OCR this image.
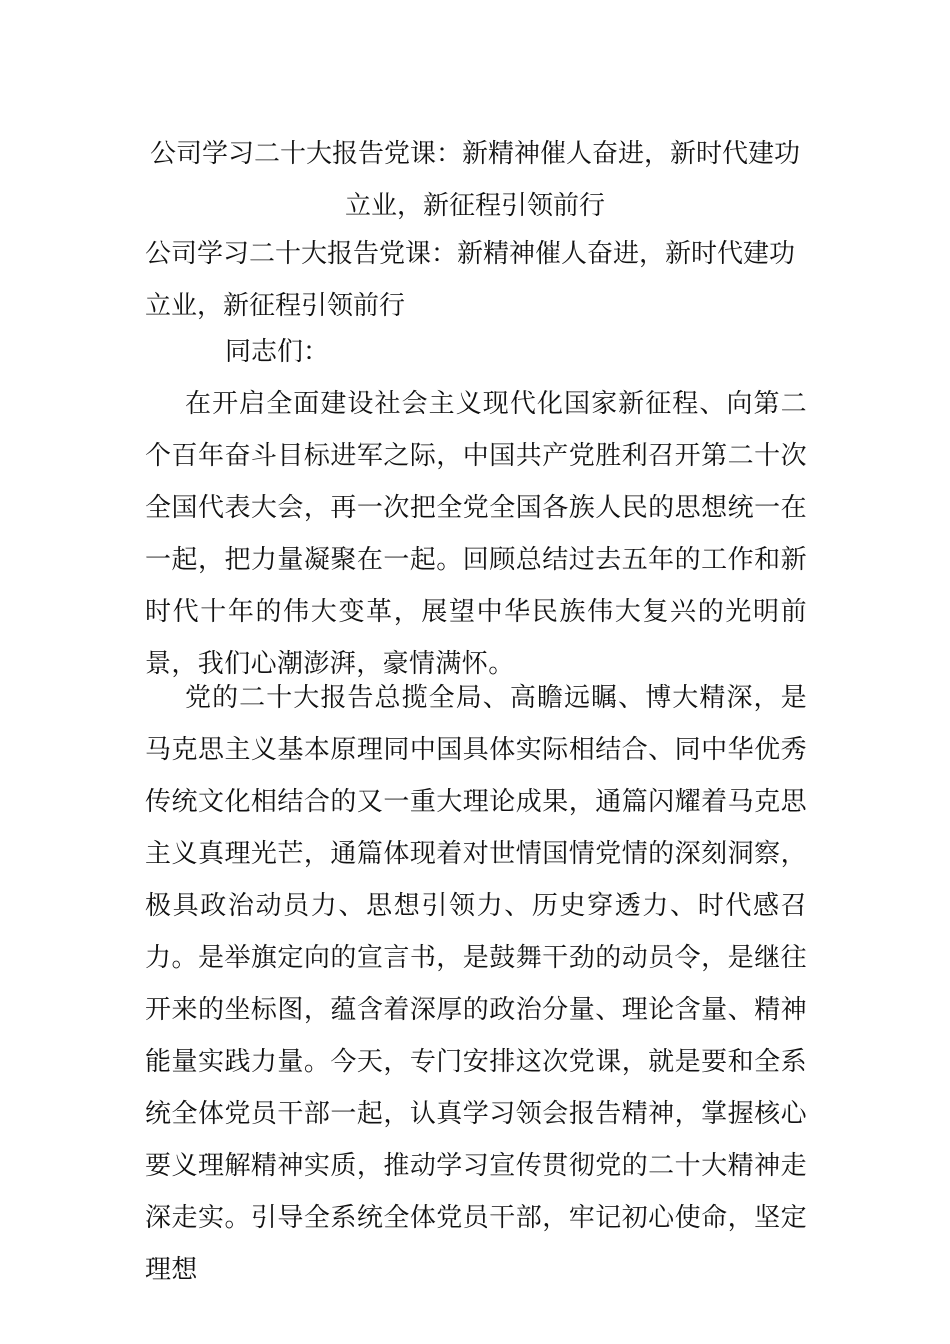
公司学习二十大报告党课：新精神催人奋进，新时代建功立业，新征程引领前行

公司学习二十大报告党课：新精神催人奋进，新时代建功立业，新征程引领前行

同志们：

在开启全面建设社会主义现代化国家新征程、向第二个百年奋斗目标进军之际，中国共产党胜利召开第二十次全国代表大会，再一次把全党全国各族人民的思想统一在一起，把力量凝聚在一起。回顾总结过去五年的工作和新时代十年的伟大变革，展望中华民族伟大复兴的光明前景，我们心潮澎湃，豪情满怀。

党的二十大报告总揽全局、高瞻远瞩、博大精深，是马克思主义基本原理同中国具体实际相结合、同中华优秀传统文化相结合的又一重大理论成果，通篇闪耀着马克思主义真理光芒，通篇体现着对世情国情党情的深刻洞察，极具政治动员力、思想引领力、历史穿透力、时代感召力。是举旗定向的宣言书，是鼓舞干劲的动员令，是继往开来的坐标图，蕴含着深厚的政治分量、理论含量、精神能量实践力量。今天，专门安排这次党课，就是要和全系统全体党员干部一起，认真学习领会报告精神，掌握核心要义理解精神实质，推动学习宣传贯彻党的二十大精神走深走实。引导全系统全体党员干部，牢记初心使命，坚定理想
